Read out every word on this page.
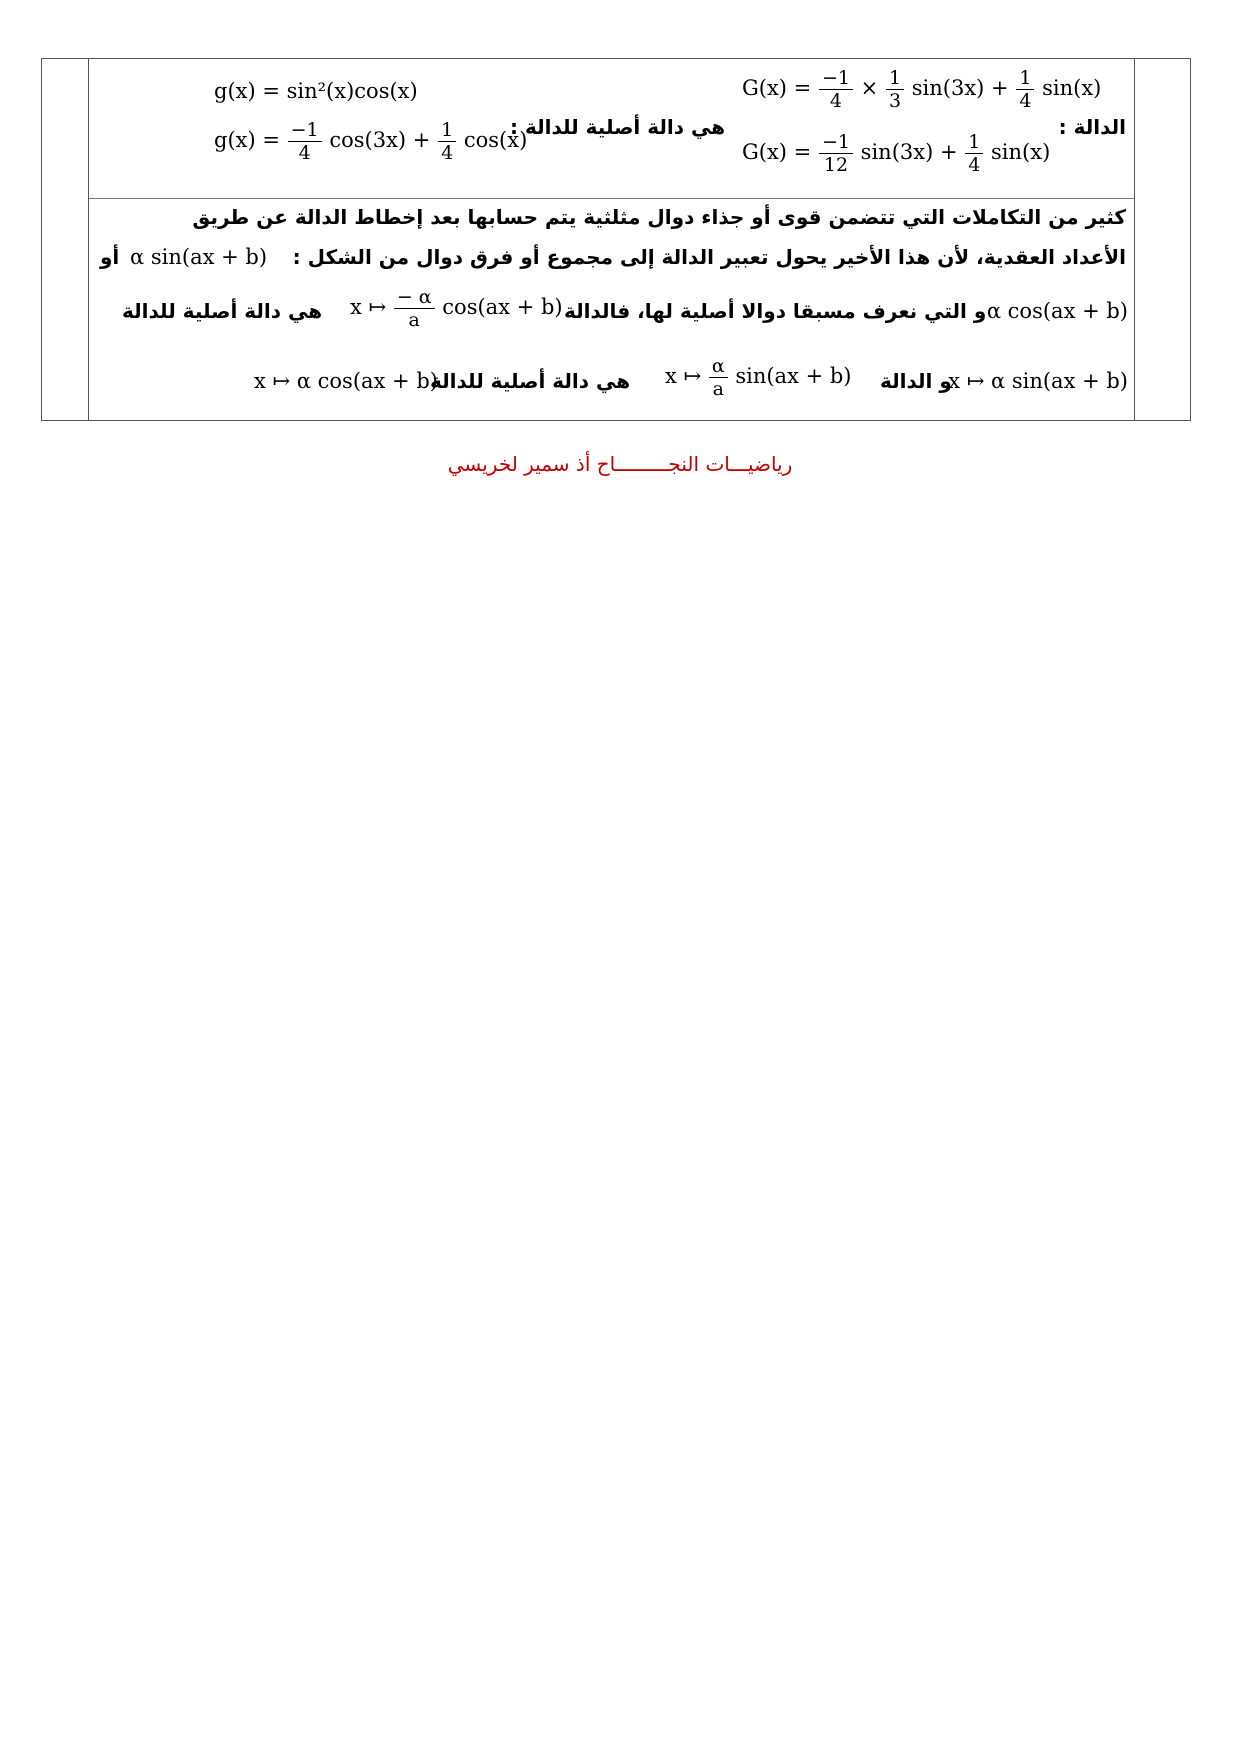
الدالة :
$G(x) = \frac{-1}{4} \times \frac{1}{3} \sin(3x) + \frac{1}{4} \sin(x)$
$G(x) = \frac{-1}{12} \sin(3x) + \frac{1}{4} \sin(x)$
هي دالة أصلية للدالة :
g(x) = sin²(x)cos(x)
$g(x) = \frac{-1}{4} \cos(3x) + \frac{1}{4} \cos(x)$
كثير من التكاملات التي تتضمن قوى أو جذاء دوال مثلثية يتم حسابها بعد إخطاط الدالة عن طريق
الأعداد العقدية، لأن هذا الأخير يحول تعبير الدالة إلى مجموع أو فرق دوال من الشكل :
α sin(ax + b)
أو
α cos(ax + b)
و التي نعرف مسبقا دوالا أصلية لها، فالدالة
x ↦ $\frac{- \alpha}{a} \cos(ax + b)$
هي دالة أصلية للدالة
x ↦ α sin(ax + b)
و الدالة
x ↦ $\frac{\alpha}{a} \sin(ax + b)$
هي دالة أصلية للدالة
x ↦ α cos(ax + b)
رياضيـــات النجـــــــــاح أذ سمير لخريسي
